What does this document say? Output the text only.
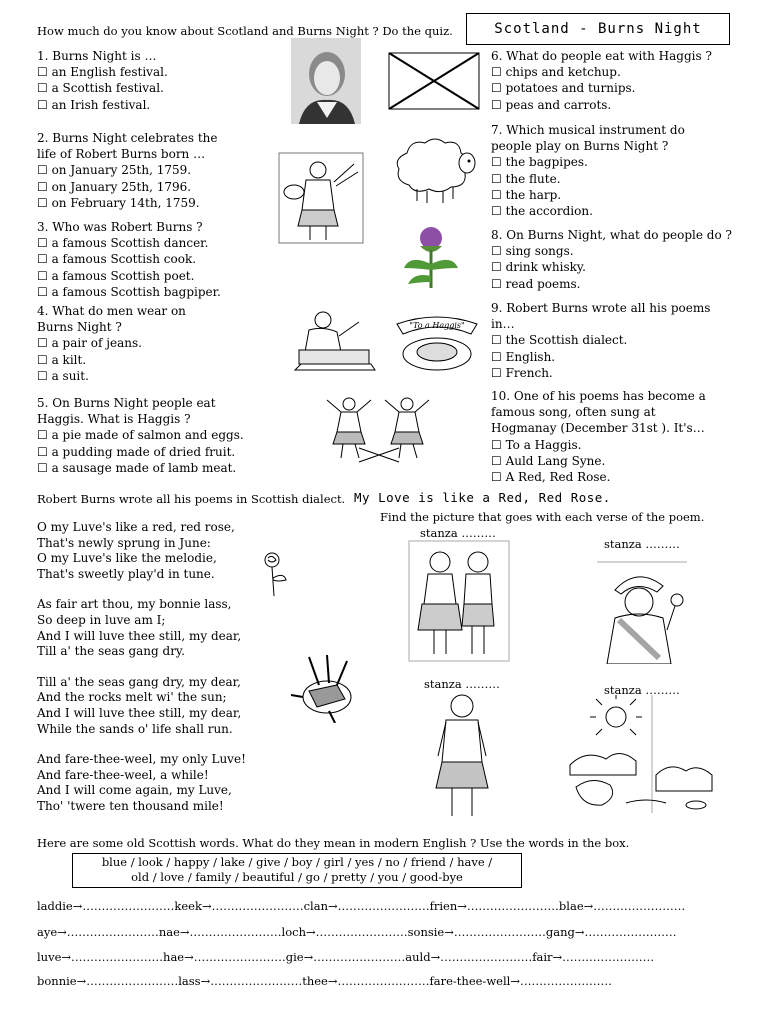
How much do you know about Scotland and Burns Night ? Do the quiz.	Scotland - Burns Night
1. Burns Night is …
☐ an English festival.
☐ a Scottish festival.
☐ an Irish festival.
2. Burns Night celebrates the
life of Robert Burns born …
☐ on January 25th, 1759.
☐ on January 25th, 1796.
☐ on February 14th, 1759.
3. Who was Robert Burns ?
☐ a famous Scottish dancer.
☐ a famous Scottish cook.
☐ a famous Scottish poet.
☐ a famous Scottish bagpiper.
4. What do men wear on
Burns Night ?
☐ a pair of jeans.
☐ a kilt.
☐ a suit.
5. On Burns Night people eat
Haggis. What is Haggis ?
☐ a pie made of salmon and eggs.
☐ a pudding made of dried fruit.
☐ a sausage made of lamb meat.
6. What do people eat with Haggis ?
☐ chips and ketchup.
☐ potatoes and turnips.
☐ peas and carrots.
7. Which musical instrument do
people play on Burns Night ?
☐ the bagpipes.
☐ the flute.
☐ the harp.
☐ the accordion.
8. On Burns Night, what do people do ?
☐ sing songs.
☐ drink whisky.
☐ read poems.
9. Robert Burns wrote all his poems
in…
☐ the Scottish dialect.
☐ English.
☐ French.
10. One of his poems has become a
famous song, often sung at
Hogmanay (December 31st ). It's…
☐ To a Haggis.
☐ Auld Lang Syne.
☐ A Red, Red Rose.
"To a Haggis"
Robert Burns wrote all his poems in Scottish dialect. My Love is like a Red, Red Rose.
Find the picture that goes with each verse of the poem.
O my Luve's like a red, red rose,
That's newly sprung in June:
O my Luve's like the melodie,
That's sweetly play'd in tune.
As fair art thou, my bonnie lass,
So deep in luve am I;
And I will luve thee still, my dear,
Till a' the seas gang dry.
Till a' the seas gang dry, my dear,
And the rocks melt wi' the sun;
And I will luve thee still, my dear,
While the sands o' life shall run.
And fare-thee-weel, my only Luve!
And fare-thee-weel, a while!
And I will come again, my Luve,
Tho' 'twere ten thousand mile!
stanza ………
stanza ………
stanza ………	stanza ………
Here are some old Scottish words. What do they mean in modern English ? Use the words in the box.
blue / look / happy / lake / give / boy / girl / yes / no / friend / have /
old / love / family / beautiful / go / pretty / you / good-bye
laddie→……………………keek→……………………clan→……………………frien→……………………blae→……………………
aye→……………………nae→……………………loch→……………………sonsie→……………………gang→……………………
luve→……………………hae→……………………gie→……………………auld→……………………fair→……………………
bonnie→……………………lass→……………………thee→……………………fare-thee-well→……………………
